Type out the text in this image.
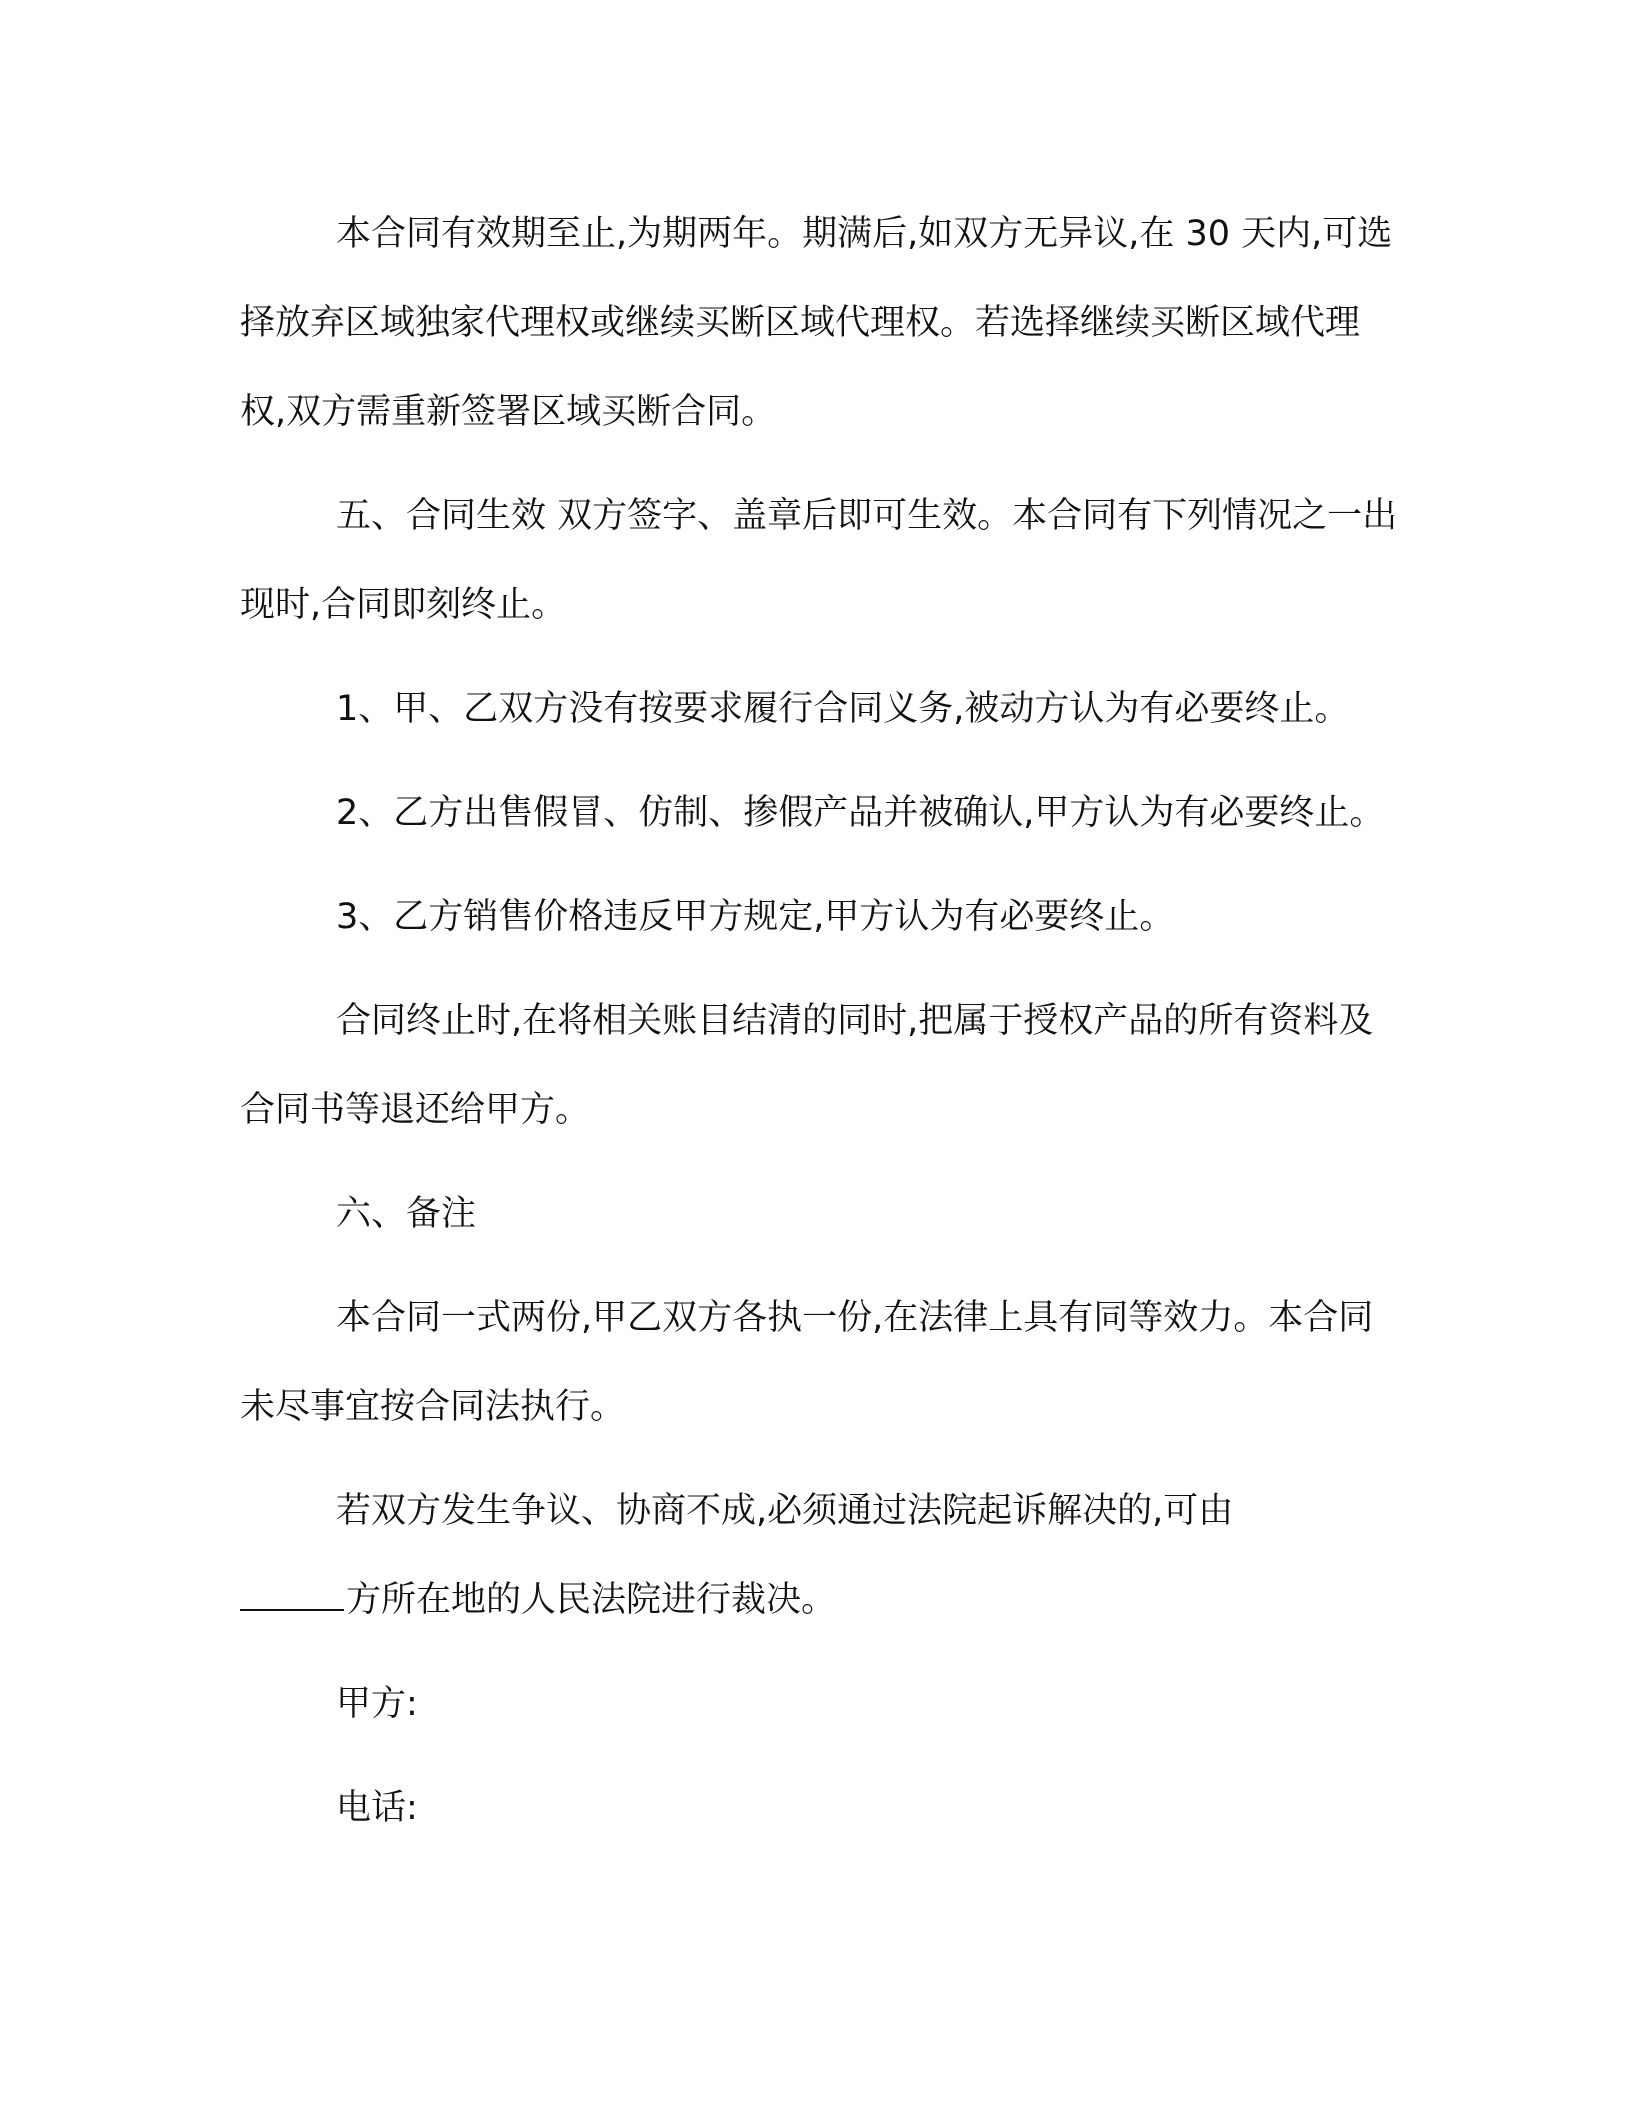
本合同有效期至止,为期两年。期满后,如双方无异议,在 30 天内,可选择放弃区域独家代理权或继续买断区域代理权。若选择继续买断区域代理权,双方需重新签署区域买断合同。

五、合同生效 双方签字、盖章后即可生效。本合同有下列情况之一出现时,合同即刻终止。

1、甲、乙双方没有按要求履行合同义务,被动方认为有必要终止。

2、乙方出售假冒、仿制、掺假产品并被确认,甲方认为有必要终止。

3、乙方销售价格违反甲方规定,甲方认为有必要终止。

合同终止时,在将相关账目结清的同时,把属于授权产品的所有资料及合同书等退还给甲方。

六、备注

本合同一式两份,甲乙双方各执一份,在法律上具有同等效力。本合同未尽事宜按合同法执行。

若双方发生争议、协商不成,必须通过法院起诉解决的,可由
方所在地的人民法院进行裁决。

甲方:

电话:
